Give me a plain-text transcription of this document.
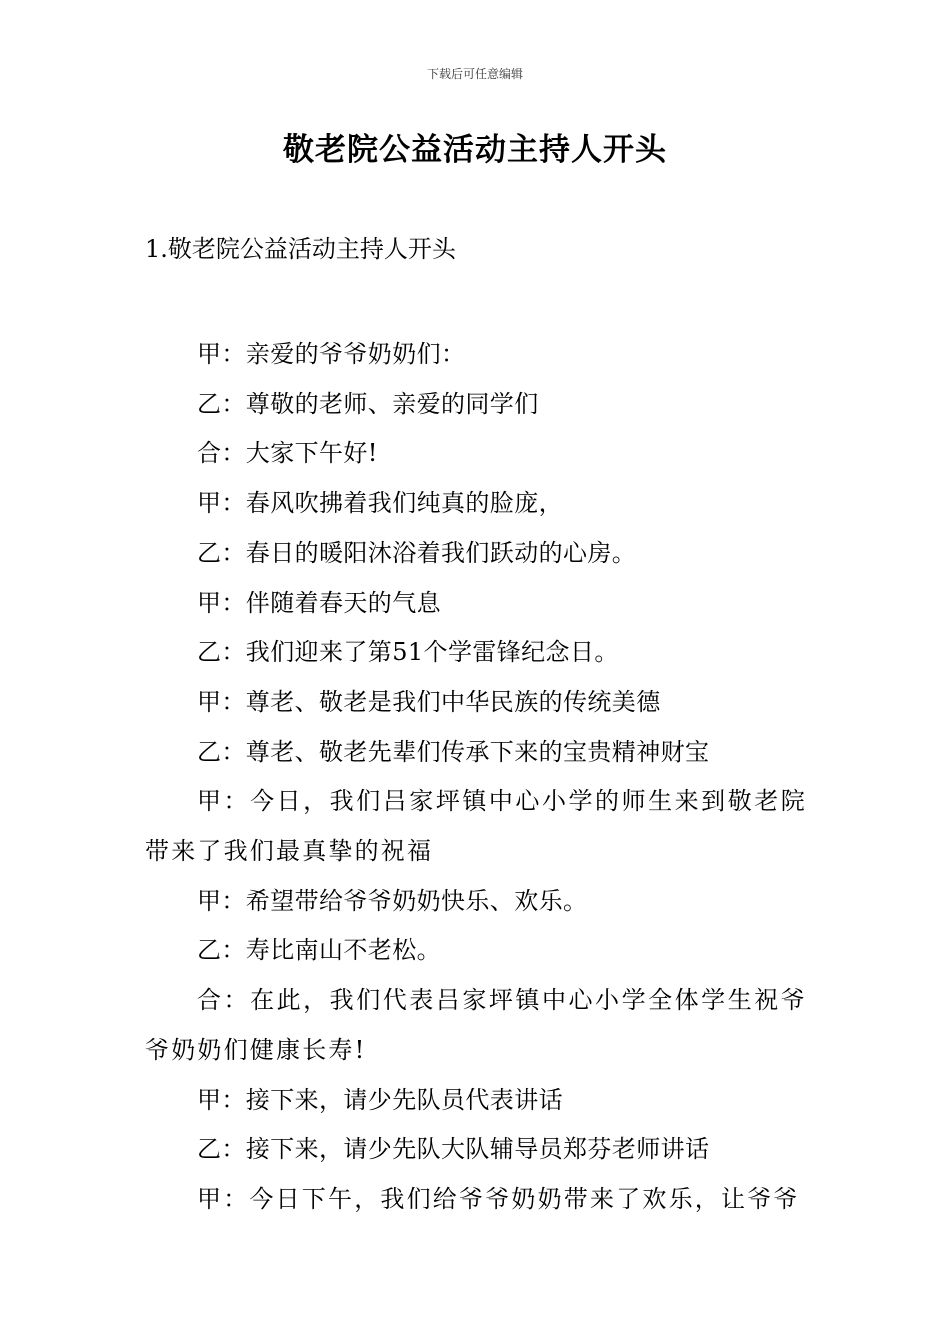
下载后可任意编辑
敬老院公益活动主持人开头
1.敬老院公益活动主持人开头

甲：亲爱的爷爷奶奶们：

乙：尊敬的老师、亲爱的同学们

合：大家下午好!

甲：春风吹拂着我们纯真的脸庞，

乙：春日的暖阳沐浴着我们跃动的心房。

甲：伴随着春天的气息

乙：我们迎来了第51个学雷锋纪念日。

甲：尊老、敬老是我们中华民族的传统美德

乙：尊老、敬老先辈们传承下来的宝贵精神财宝

甲：今日，我们吕家坪镇中心小学的师生来到敬老院带来了我们最真挚的祝福

甲：希望带给爷爷奶奶快乐、欢乐。

乙：寿比南山不老松。

合：在此，我们代表吕家坪镇中心小学全体学生祝爷爷奶奶们健康长寿!

甲：接下来，请少先队员代表讲话

乙：接下来，请少先队大队辅导员郑芬老师讲话

甲：今日下午，我们给爷爷奶奶带来了欢乐，让爷爷
